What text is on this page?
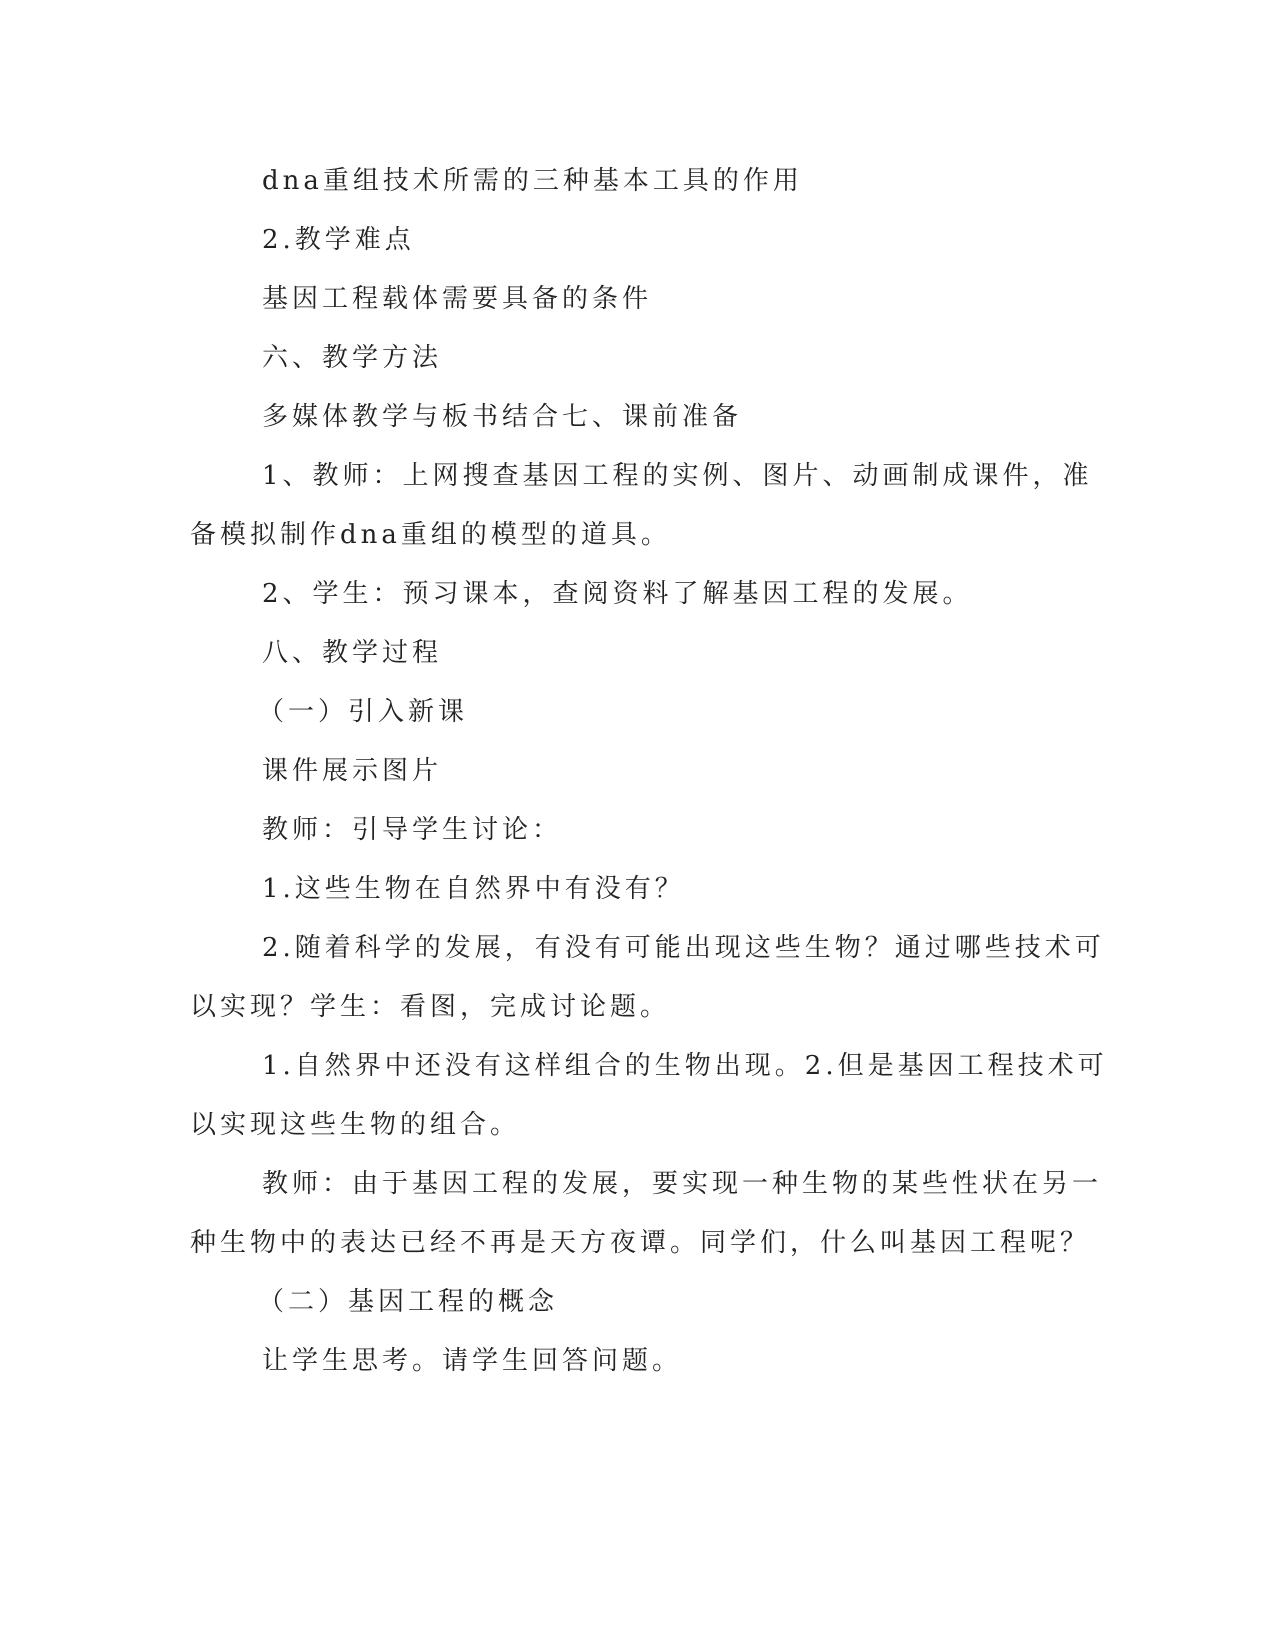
dna重组技术所需的三种基本工具的作用
2.教学难点
基因工程载体需要具备的条件
六、教学方法
多媒体教学与板书结合七、课前准备
1、教师：上网搜查基因工程的实例、图片、动画制成课件，准
备模拟制作dna重组的模型的道具。
2、学生：预习课本，查阅资料了解基因工程的发展。
八、教学过程
（一）引入新课
课件展示图片
教师：引导学生讨论：
1.这些生物在自然界中有没有？
2.随着科学的发展，有没有可能出现这些生物？通过哪些技术可
以实现？学生：看图，完成讨论题。
1.自然界中还没有这样组合的生物出现。2.但是基因工程技术可
以实现这些生物的组合。
教师：由于基因工程的发展，要实现一种生物的某些性状在另一
种生物中的表达已经不再是天方夜谭。同学们，什么叫基因工程呢？
（二）基因工程的概念
让学生思考。请学生回答问题。
